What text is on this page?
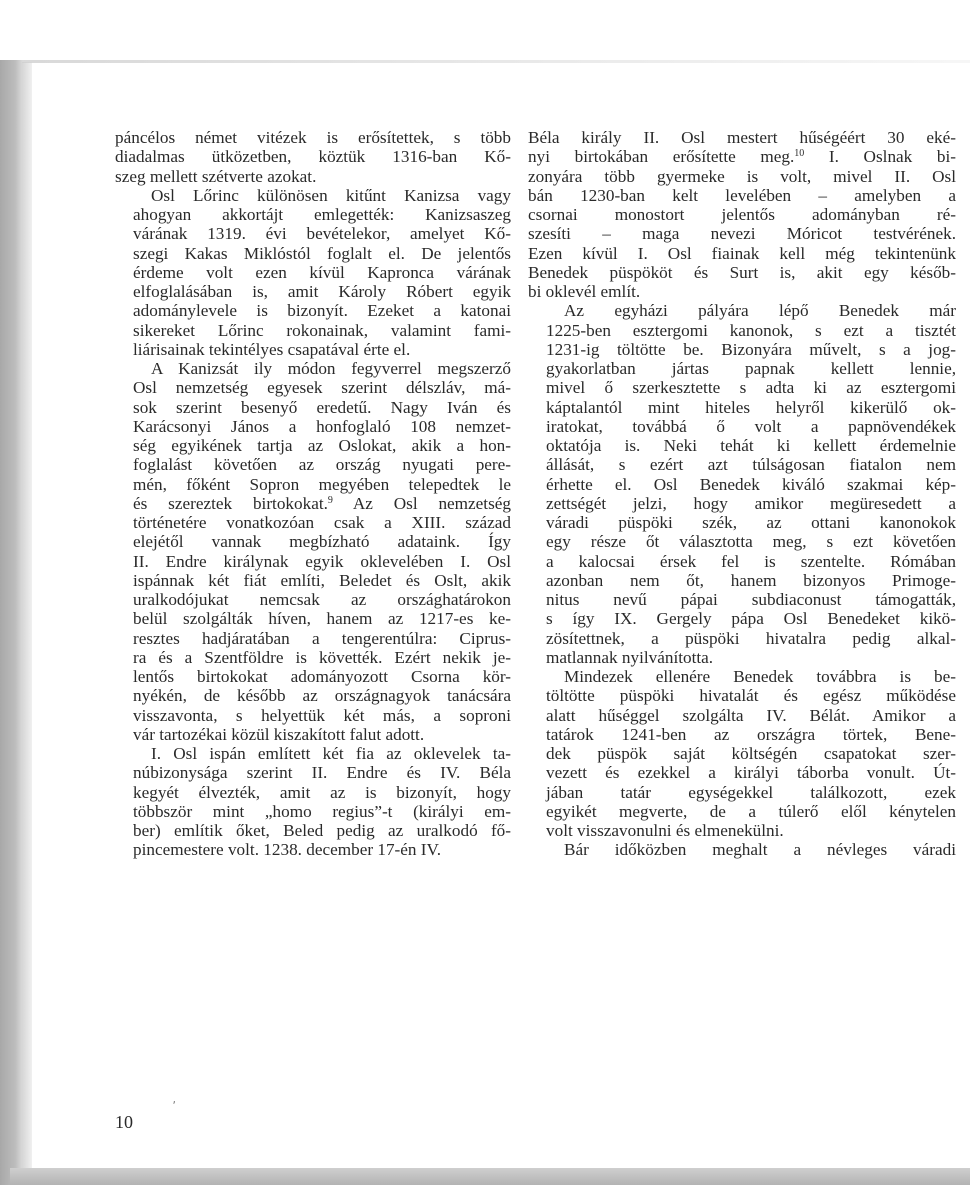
páncélos német vitézek is erősítettek, s több
diadalmas ütközetben, köztük 1316-ban Kő-
szeg mellett szétverte azokat.
Osl Lőrinc különösen kitűnt Kanizsa vagy
ahogyan akkortájt emlegették: Kanizsaszeg
várának 1319. évi bevételekor, amelyet Kő-
szegi Kakas Miklóstól foglalt el. De jelentős
érdeme volt ezen kívül Kapronca várának
elfoglalásában is, amit Károly Róbert egyik
adománylevele is bizonyít. Ezeket a katonai
sikereket Lőrinc rokonainak, valamint fami-
liárisainak tekintélyes csapatával érte el.
A Kanizsát ily módon fegyverrel megszerző
Osl nemzetség egyesek szerint délszláv, má-
sok szerint besenyő eredetű. Nagy Iván és
Karácsonyi János a honfoglaló 108 nemzet-
ség egyikének tartja az Oslokat, akik a hon-
foglalást követően az ország nyugati pere-
mén, főként Sopron megyében telepedtek le
és szereztek birtokokat.$^9$ Az Osl nemzetség
történetére vonatkozóan csak a XIII. század
elejétől vannak megbízható adataink. Így
II. Endre királynak egyik oklevelében I. Osl
ispánnak két fiát említi, Beledet és Oslt, akik
uralkodójukat nemcsak az országhatárokon
belül szolgálták híven, hanem az 1217-es ke-
resztes hadjáratában a tengerentúlra: Ciprus-
ra és a Szentföldre is követték. Ezért nekik je-
lentős birtokokat adományozott Csorna kör-
nyékén, de később az országnagyok tanácsára
visszavonta, s helyettük két más, a soproni
vár tartozékai közül kiszakított falut adott.
I. Osl ispán említett két fia az oklevelek ta-
núbizonysága szerint II. Endre és IV. Béla
kegyét élvezték, amit az is bizonyít, hogy
többször mint „homo regius”-t (királyi em-
ber) említik őket, Beled pedig az uralkodó fő-
pincemestere volt. 1238. december 17-én IV.
Béla király II. Osl mestert hűségéért 30 eké-
nyi birtokában erősítette meg.$^{10}$ I. Oslnak bi-
zonyára több gyermeke is volt, mivel II. Osl
bán 1230-ban kelt levelében – amelyben a
csornai monostort jelentős adományban ré-
szesíti – maga nevezi Móricot testvérének.
Ezen kívül I. Osl fiainak kell még tekintenünk
Benedek püspököt és Surt is, akit egy későb-
bi oklevél említ.
Az egyházi pályára lépő Benedek már
1225-ben esztergomi kanonok, s ezt a tisztét
1231-ig töltötte be. Bizonyára művelt, s a jog-
gyakorlatban jártas papnak kellett lennie,
mivel ő szerkesztette s adta ki az esztergomi
káptalantól mint hiteles helyről kikerülő ok-
iratokat, továbbá ő volt a papnövendékek
oktatója is. Neki tehát ki kellett érdemelnie
állását, s ezért azt túlságosan fiatalon nem
érhette el. Osl Benedek kiváló szakmai kép-
zettségét jelzi, hogy amikor megüresedett a
váradi püspöki szék, az ottani kanonokok
egy része őt választotta meg, s ezt követően
a kalocsai érsek fel is szentelte. Rómában
azonban nem őt, hanem bizonyos Primoge-
nitus nevű pápai subdiaconust támogatták,
s így IX. Gergely pápa Osl Benedeket kikö-
zösítettnek, a püspöki hivatalra pedig alkal-
matlannak nyilvánította.
Mindezek ellenére Benedek továbbra is be-
töltötte püspöki hivatalát és egész működése
alatt hűséggel szolgálta IV. Bélát. Amikor a
tatárok 1241-ben az országra törtek, Bene-
dek püspök saját költségén csapatokat szer-
vezett és ezekkel a királyi táborba vonult. Út-
jában tatár egységekkel találkozott, ezek
egyikét megverte, de a túlerő elől kénytelen
volt visszavonulni és elmenekülni.
Bár időközben meghalt a névleges váradi
10
ʹ
